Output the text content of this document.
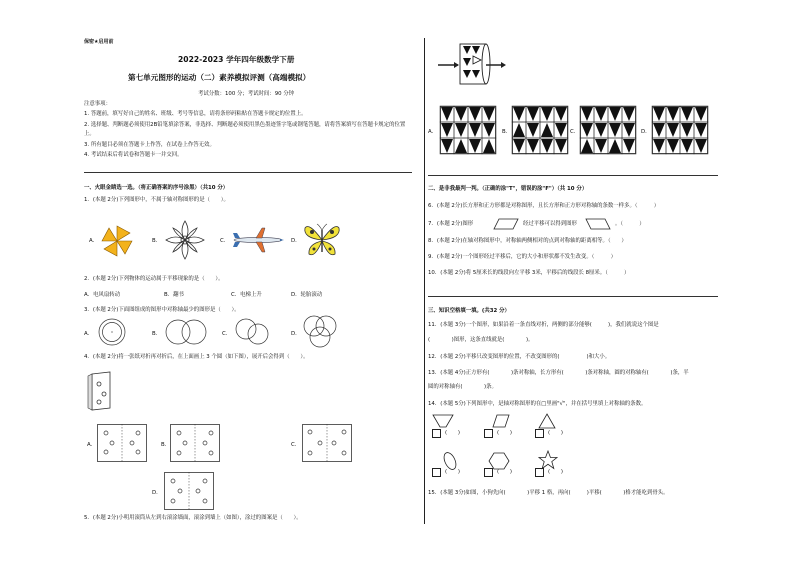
保密★启用前
2022-2023 学年四年级数学下册
第七单元图形的运动（二）素养模拟评测（高端模拟）
考试分数：100 分；考试时间：90 分钟
注意事项：
1. 答题前，填写好自己的姓名、班级、考号等信息，请将条形码粘贴在答题卡规定的位置上。
2. 选择题、判断题必须使用2B铅笔填涂答案，非选择、判断题必须使用黑色墨迹签字笔或钢笔答题，请将答案填写在答题卡规定的位置上。
3. 所有题目必须在答题卡上作答，在试卷上作答无效。
4. 考试结束后将试卷和答题卡一并交回。
一、火眼金睛选一选。（将正确答案的序号涂黑）（共10 分）
1．(本题 2分)下列图形中，不属于轴对称图形的是（　　）。
A．	B．	C．	D．
2．(本题 2分)下列物体的运动属于平移现象的是（　　）。
A．电风扇转动	B．翻书	C．电梯上升	D．轮胎滚动
3．(本题 2分)下面图组成的图形中对称轴最少的图形是（　　）。
A．	B．	C．	D．
4．(本题 2分)将一张纸对折再对折后，在上面画上 3 个圆（如下图），展开后会得到（　　）。
A．	B．	C．
D．
5．(本题 2分)小明用滚筒从左到右滚涂墙面，滚涂到墙上（如图），涂过的图案是（　　）。
A．	B．	C．	D．
二、是非我最判一判。（正确的涂"T"，错误的涂"F"）（共 10 分）
6．(本题 2分)长方形和正方形都是对称图形，且长方形和正方形对称轴的条数一样多。（　　　）
7．(本题 2分)图形	经过平移可以得到图形	。（　　　）
8．(本题 2分)在轴对称图形中，对称轴两侧相对的点到对称轴的距离相等。（　　）
9．(本题 2分)一个图形经过平移后，它的大小和形状都不发生改变。（　　　）
10．(本题 2分)将 5厘米长的线段向左平移 3米，平移后的线段长 8厘米。（　　　）
三、知识空格填一填。(共32 分）
11．(本题 3分)一个图形，如果沿着一条直线对折，两侧的部分能够(　　　)，我们就说这个图是
(　　　　)图形，这条直线就是(　　　　)。
12．(本题 2分)平移只改变图形的位置，不改变图形的(　　　　　)和大小。
13．(本题 4分)正方形有(　　　　)条对称轴，长方形有(　　　　)条对称轴，圆的对称轴有(　　　　)条，半
圆的对称轴有(　　　　)条。
14．(本题 5分)下列图形中，是轴对称图形的在□里画"√"，并在括号里填上对称轴的条数。
(　　)	(　　)	(　　)
(　　)	(　　)	(　　)
15．(本题 3分)如图，小狗先向(　　　　)平移 1 格，再向(　　　)平移(　　　　)格才能吃到骨头。
